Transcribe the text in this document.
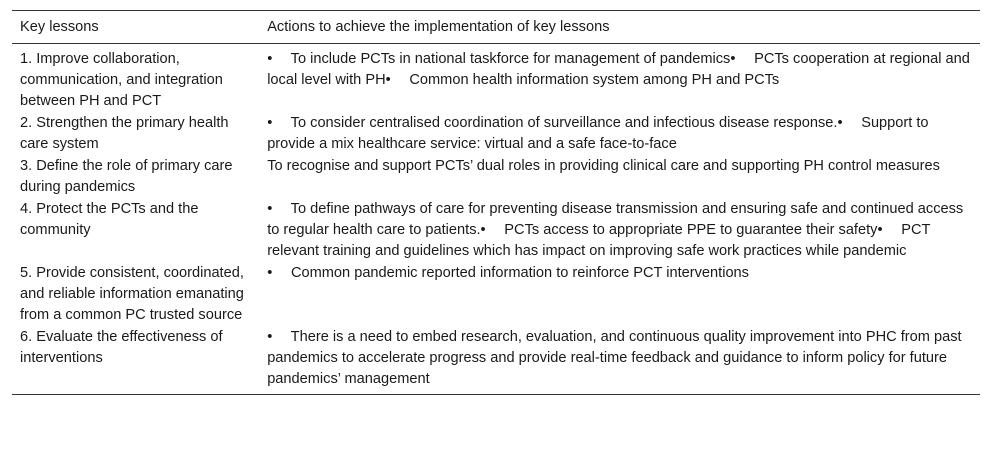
Key lessons	Actions to achieve the implementation of key lessons
1. Improve collaboration, communication, and integration between PH and PCT	•  To include PCTs in national taskforce for management of pandemics•  PCTs cooperation at regional and local level with PH•  Common health information system among PH and PCTs
2. Strengthen the primary health care system	•  To consider centralised coordination of surveillance and infectious disease response.•  Support to provide a mix healthcare service: virtual and a safe face-to-face
3. Define the role of primary care during pandemics	To recognise and support PCTs’ dual roles in providing clinical care and supporting PH control measures
4. Protect the PCTs and the community	•  To define pathways of care for preventing disease transmission and ensuring safe and continued access to regular health care to patients.•  PCTs access to appropriate PPE to guarantee their safety•  PCT relevant training and guidelines which has impact on improving safe work practices while pandemic
5. Provide consistent, coordinated, and reliable information emanating from a common PC trusted source	•  Common pandemic reported information to reinforce PCT interventions
6. Evaluate the effectiveness of interventions	•  There is a need to embed research, evaluation, and continuous quality improvement into PHC from past pandemics to accelerate progress and provide real-time feedback and guidance to inform policy for future pandemics’ management
